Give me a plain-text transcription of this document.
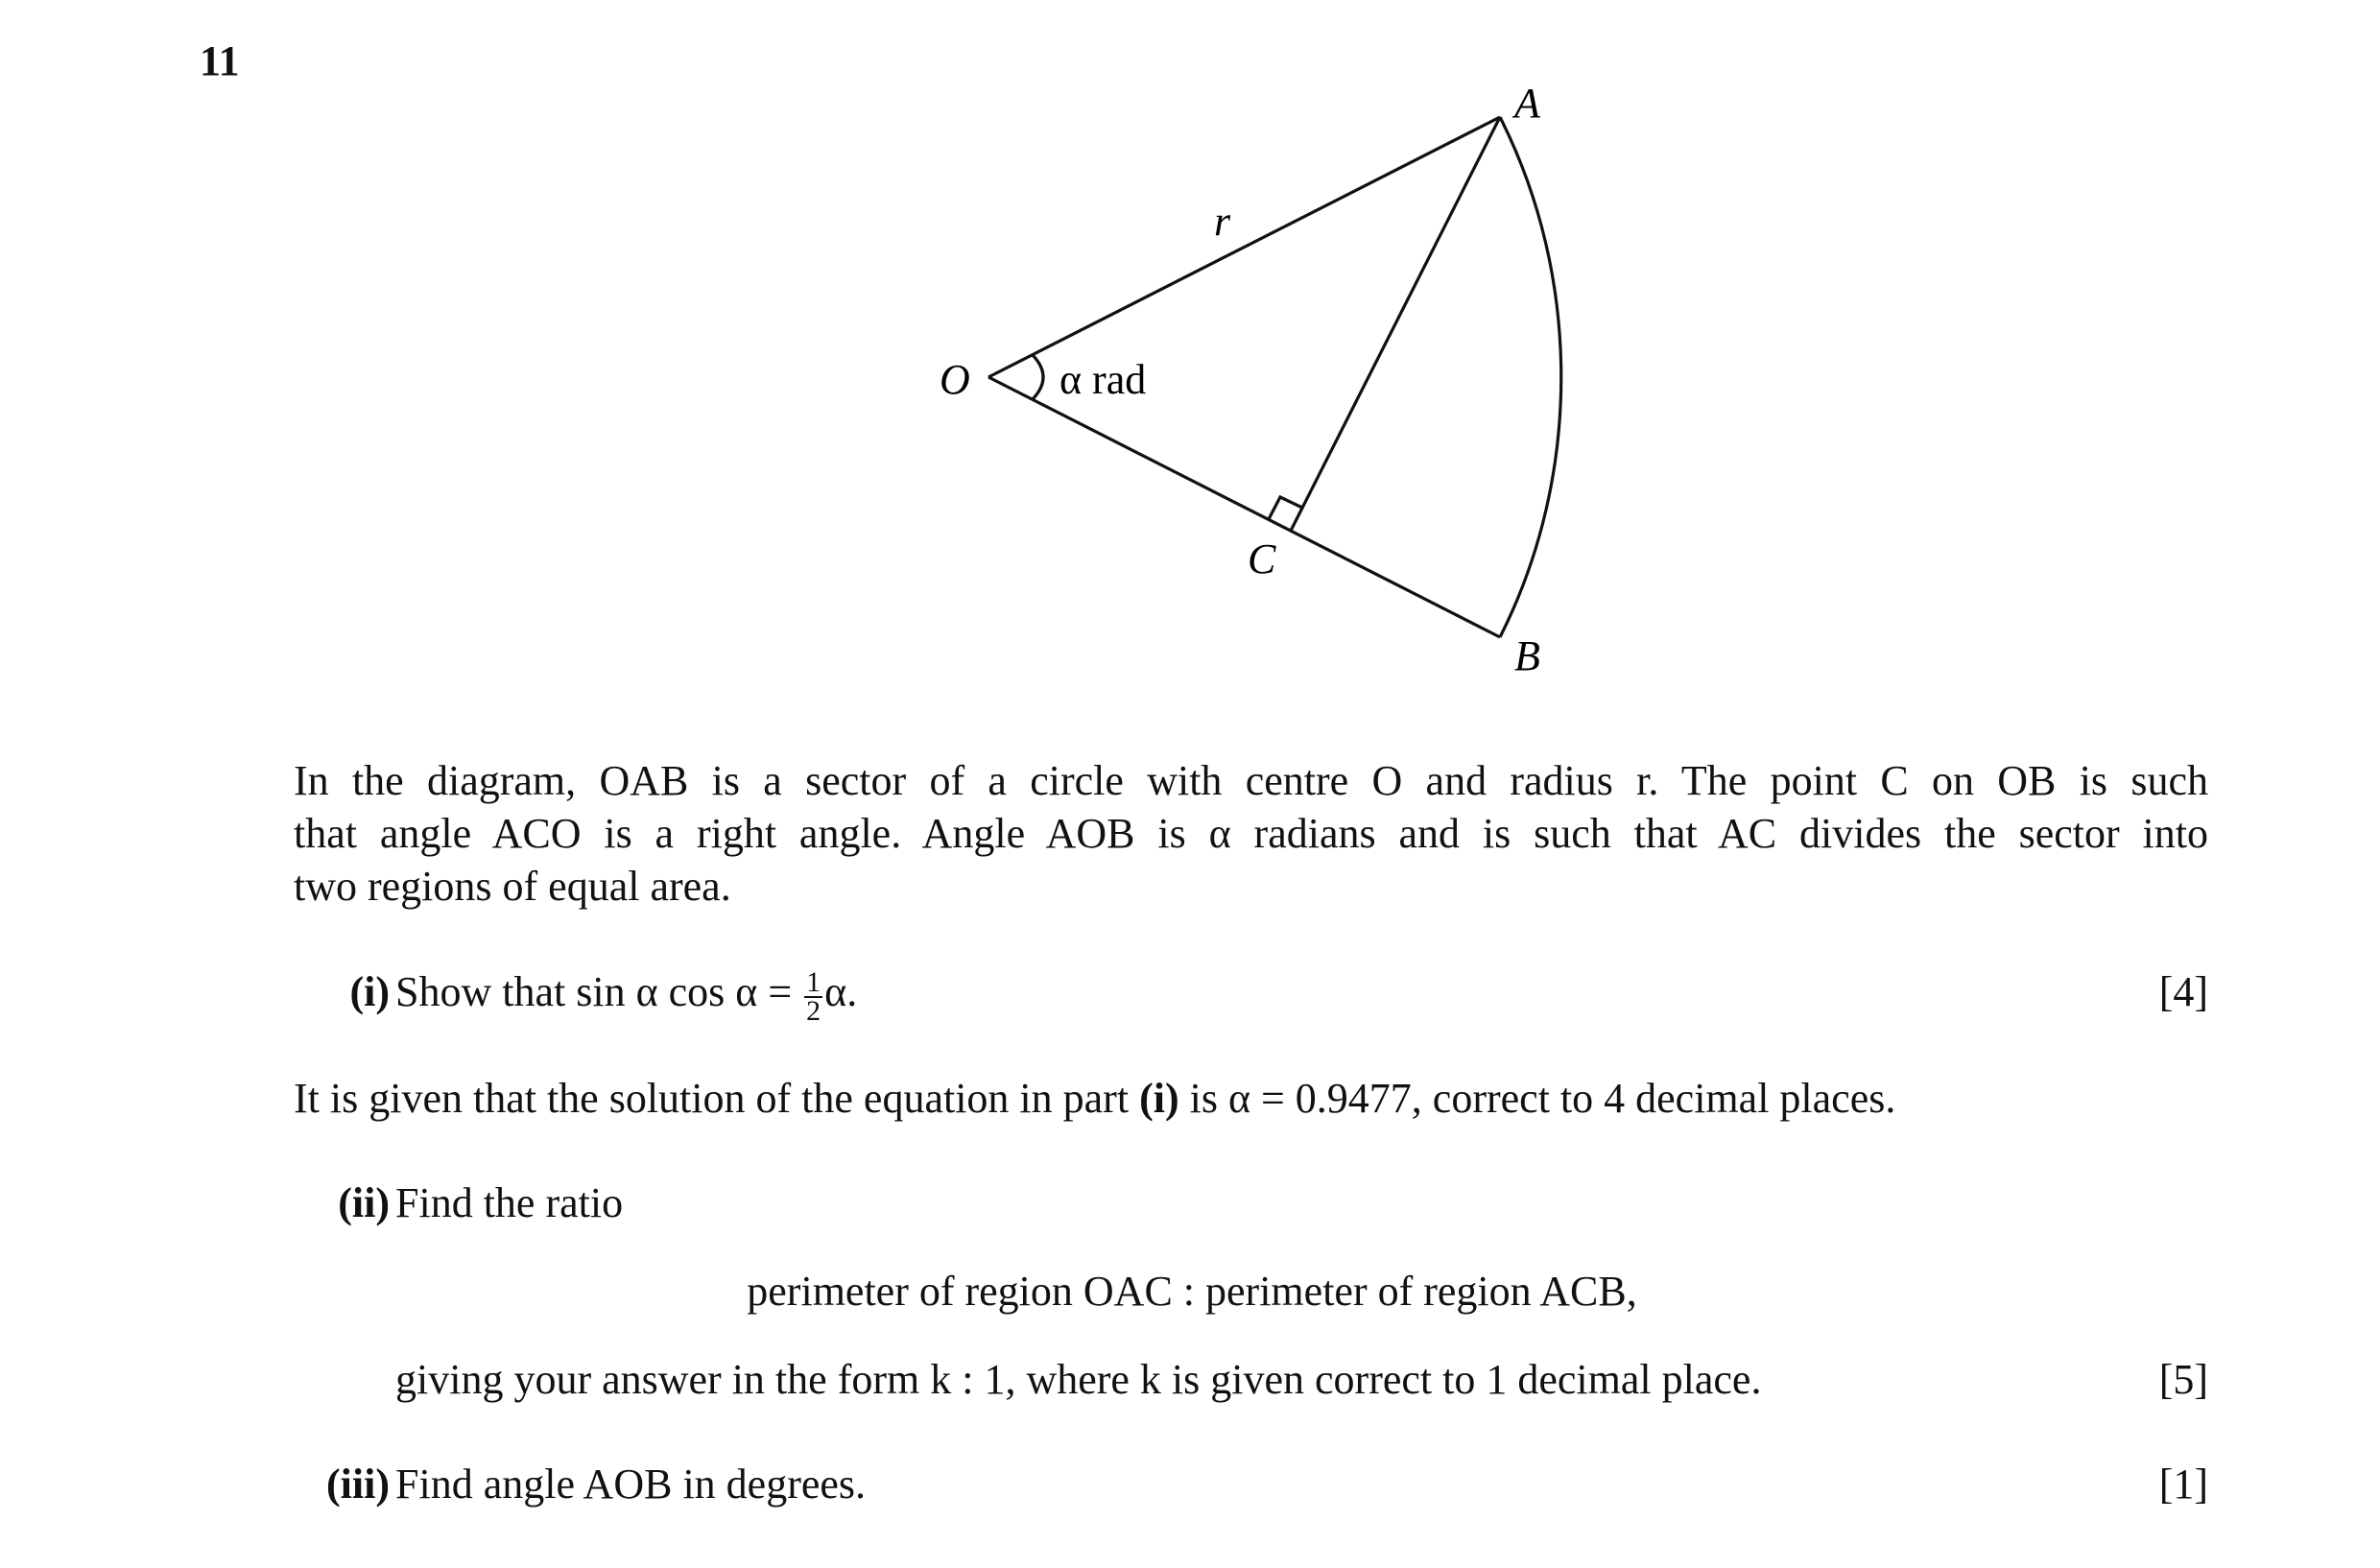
11
A
B
C
O
r
α rad
In the diagram, OAB is a sector of a circle with centre O and radius r. The point C on OB is such
that angle ACO is a right angle. Angle AOB is α radians and is such that AC divides the sector into
two regions of equal area.
(i) Show that sin α $\cos \alpha = \frac{1}{2} \alpha$.	[4]
It is given that the solution of the equation in part (i) is α = 0.9477, correct to 4 decimal places.
(ii) Find the ratio
perimeter of region OAC : perimeter of region ACB,
giving your answer in the form k : 1, where k is given correct to 1 decimal place.	[5]
(iii) Find angle AOB in degrees.	[1]
